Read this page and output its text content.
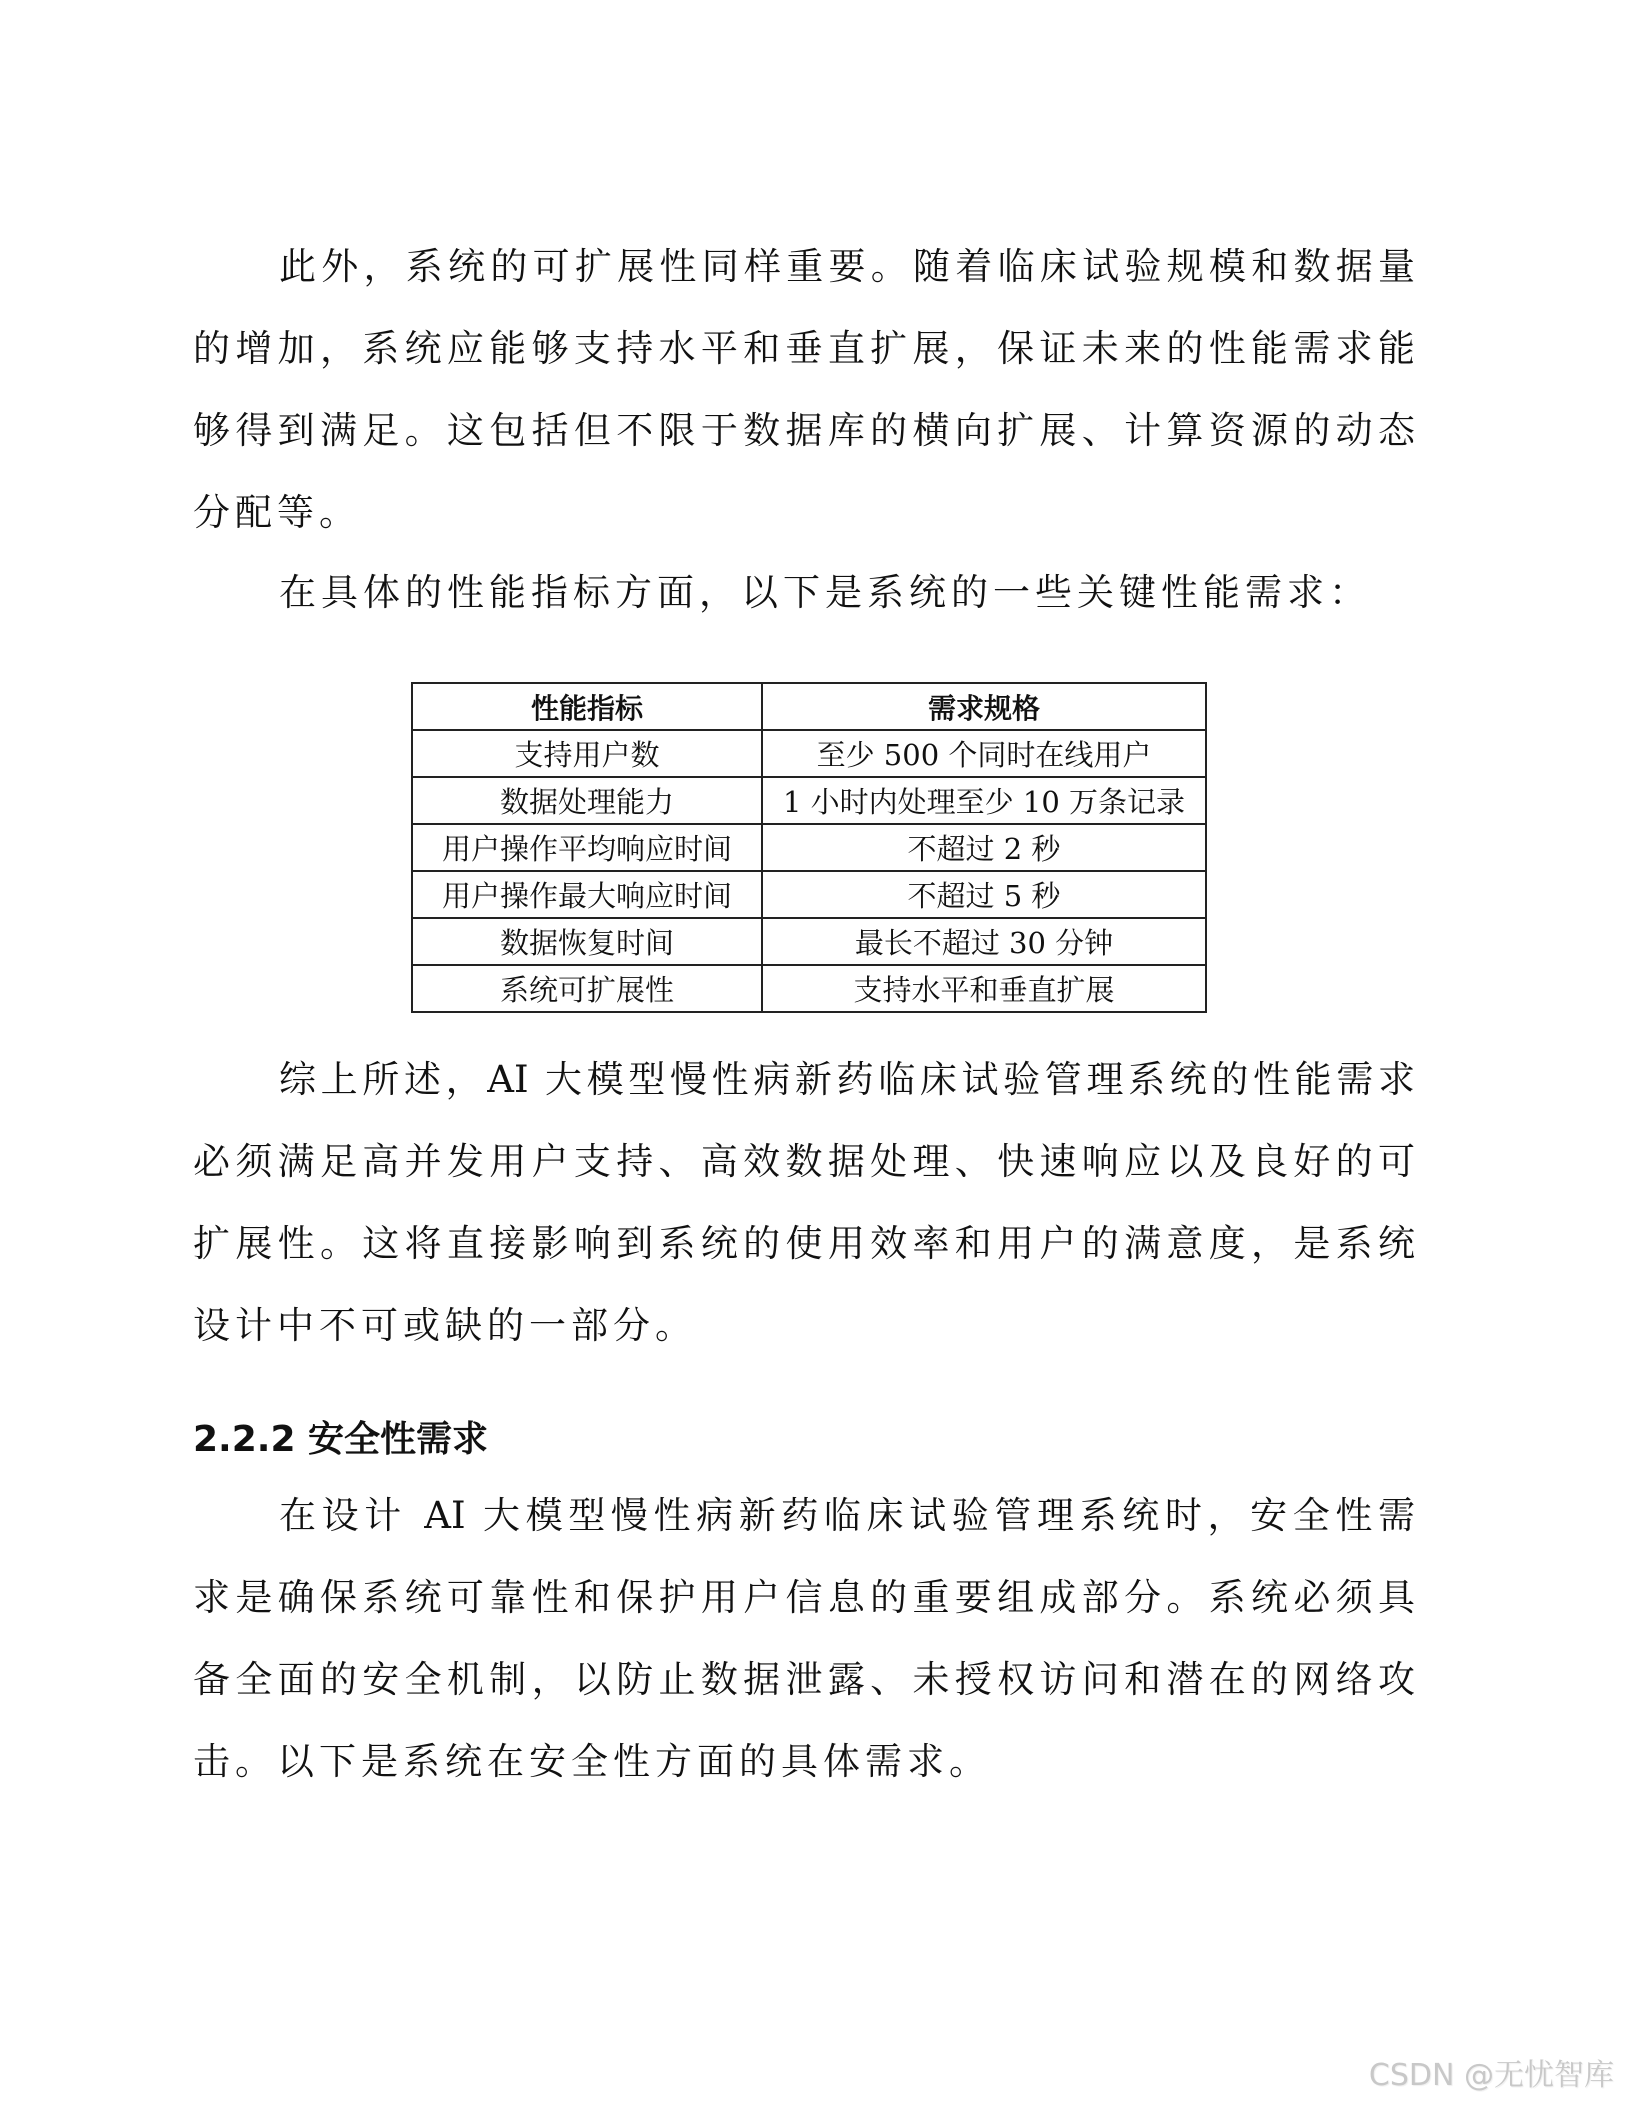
此外，系统的可扩展性同样重要。随着临床试验规模和数据量
的增加，系统应能够支持水平和垂直扩展，保证未来的性能需求能
够得到满足。这包括但不限于数据库的横向扩展、计算资源的动态
分配等。
在具体的性能指标方面，以下是系统的一些关键性能需求：
性能指标	需求规格
支持用户数	至少 500 个同时在线用户
数据处理能力	1 小时内处理至少 10 万条记录
用户操作平均响应时间	不超过 2 秒
用户操作最大响应时间	不超过 5 秒
数据恢复时间	最长不超过 30 分钟
系统可扩展性	支持水平和垂直扩展
综上所述，AI 大模型慢性病新药临床试验管理系统的性能需求
必须满足高并发用户支持、高效数据处理、快速响应以及良好的可
扩展性。这将直接影响到系统的使用效率和用户的满意度，是系统
设计中不可或缺的一部分。
2.2.2 安全性需求
在设计 AI 大模型慢性病新药临床试验管理系统时，安全性需
求是确保系统可靠性和保护用户信息的重要组成部分。系统必须具
备全面的安全机制，以防止数据泄露、未授权访问和潜在的网络攻
击。以下是系统在安全性方面的具体需求。
CSDN @无忧智库
